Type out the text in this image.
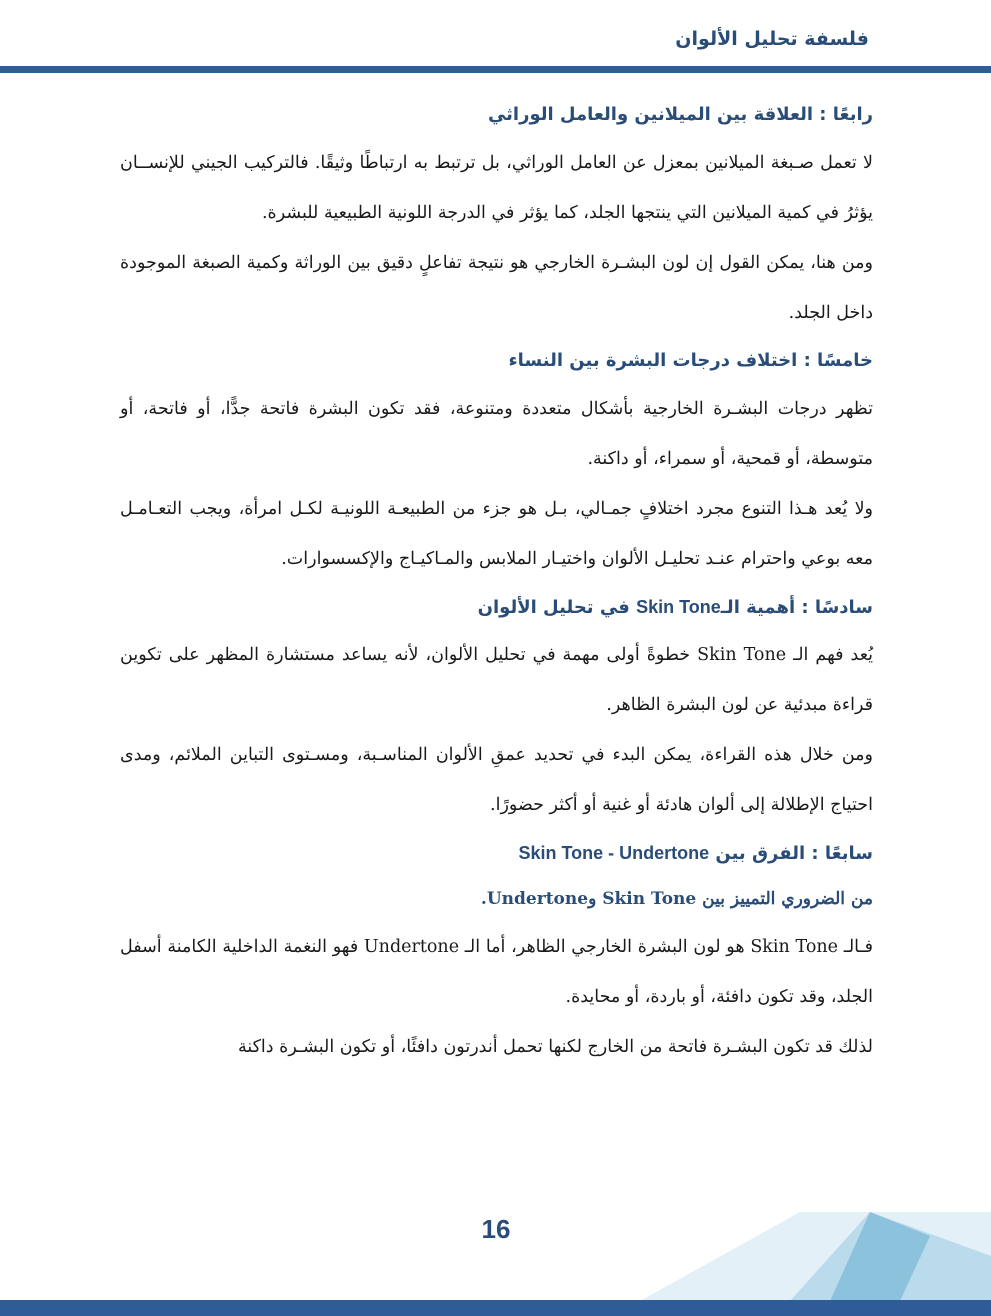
فلسفة تحليل الألوان
رابعًا : العلاقة بين الميلانين والعامل الوراثي

لا تعمل صـبغة الميلانين بمعزل عن العامل الوراثي، بل ترتبط به ارتباطًا وثيقًا. فالتركيب الجيني للإنســان يؤثرُ في كمية الميلانين التي ينتجها الجلد، كما يؤثر في الدرجة اللونية الطبيعية للبشرة.

ومن هنا، يمكن القول إن لون البشـرة الخارجي هو نتيجة تفاعلٍ دقيق بين الوراثة وكمية الصبغة الموجودة داخل الجلد.

خامسًا : اختلاف درجات البشرة بين النساء

تظهر درجات البشـرة الخارجية بأشكال متعددة ومتنوعة، فقد تكون البشرة فاتحة جدًّا، أو فاتحة، أو متوسطة، أو قمحية، أو سمراء، أو داكنة.

ولا يُعد هـذا التنوع مجرد اختلافٍ جمـالي، بـل هو جزء من الطبيعـة اللونيـة لكـل امرأة، ويجب التعـامـل معه بوعي واحترام عنـد تحليـل الألوان واختيـار الملابس والمـاكيـاج والإكسسوارات.

سادسًا : أهمية الـSkin Tone في تحليل الألوان

يُعد فهم الـ Skin Tone خطوةً أولى مهمة في تحليل الألوان، لأنه يساعد مستشارة المظهر على تكوين قراءة مبدئية عن لون البشرة الظاهر.

ومن خلال هذه القراءة، يمكن البدء في تحديد عمقِ الألوان المناسـبة، ومسـتوى التباين الملائم، ومدى احتياج الإطلالة إلى ألوان هادئة أو غنية أو أكثر حضورًا.

سابعًا : الفرق بين Skin Tone - Undertone

من الضروري التمييز بين Skin Tone وUndertone.

فـالـ Skin Tone هو لون البشرة الخارجي الظاهر، أما الـ Undertone فهو النغمة الداخلية الكامنة أسفل الجلد، وقد تكون دافئة، أو باردة، أو محايدة.

لذلك قد تكون البشـرة فاتحة من الخارج لكنها تحمل أندرتون دافئًا، أو تكون البشـرة داكنة

16
